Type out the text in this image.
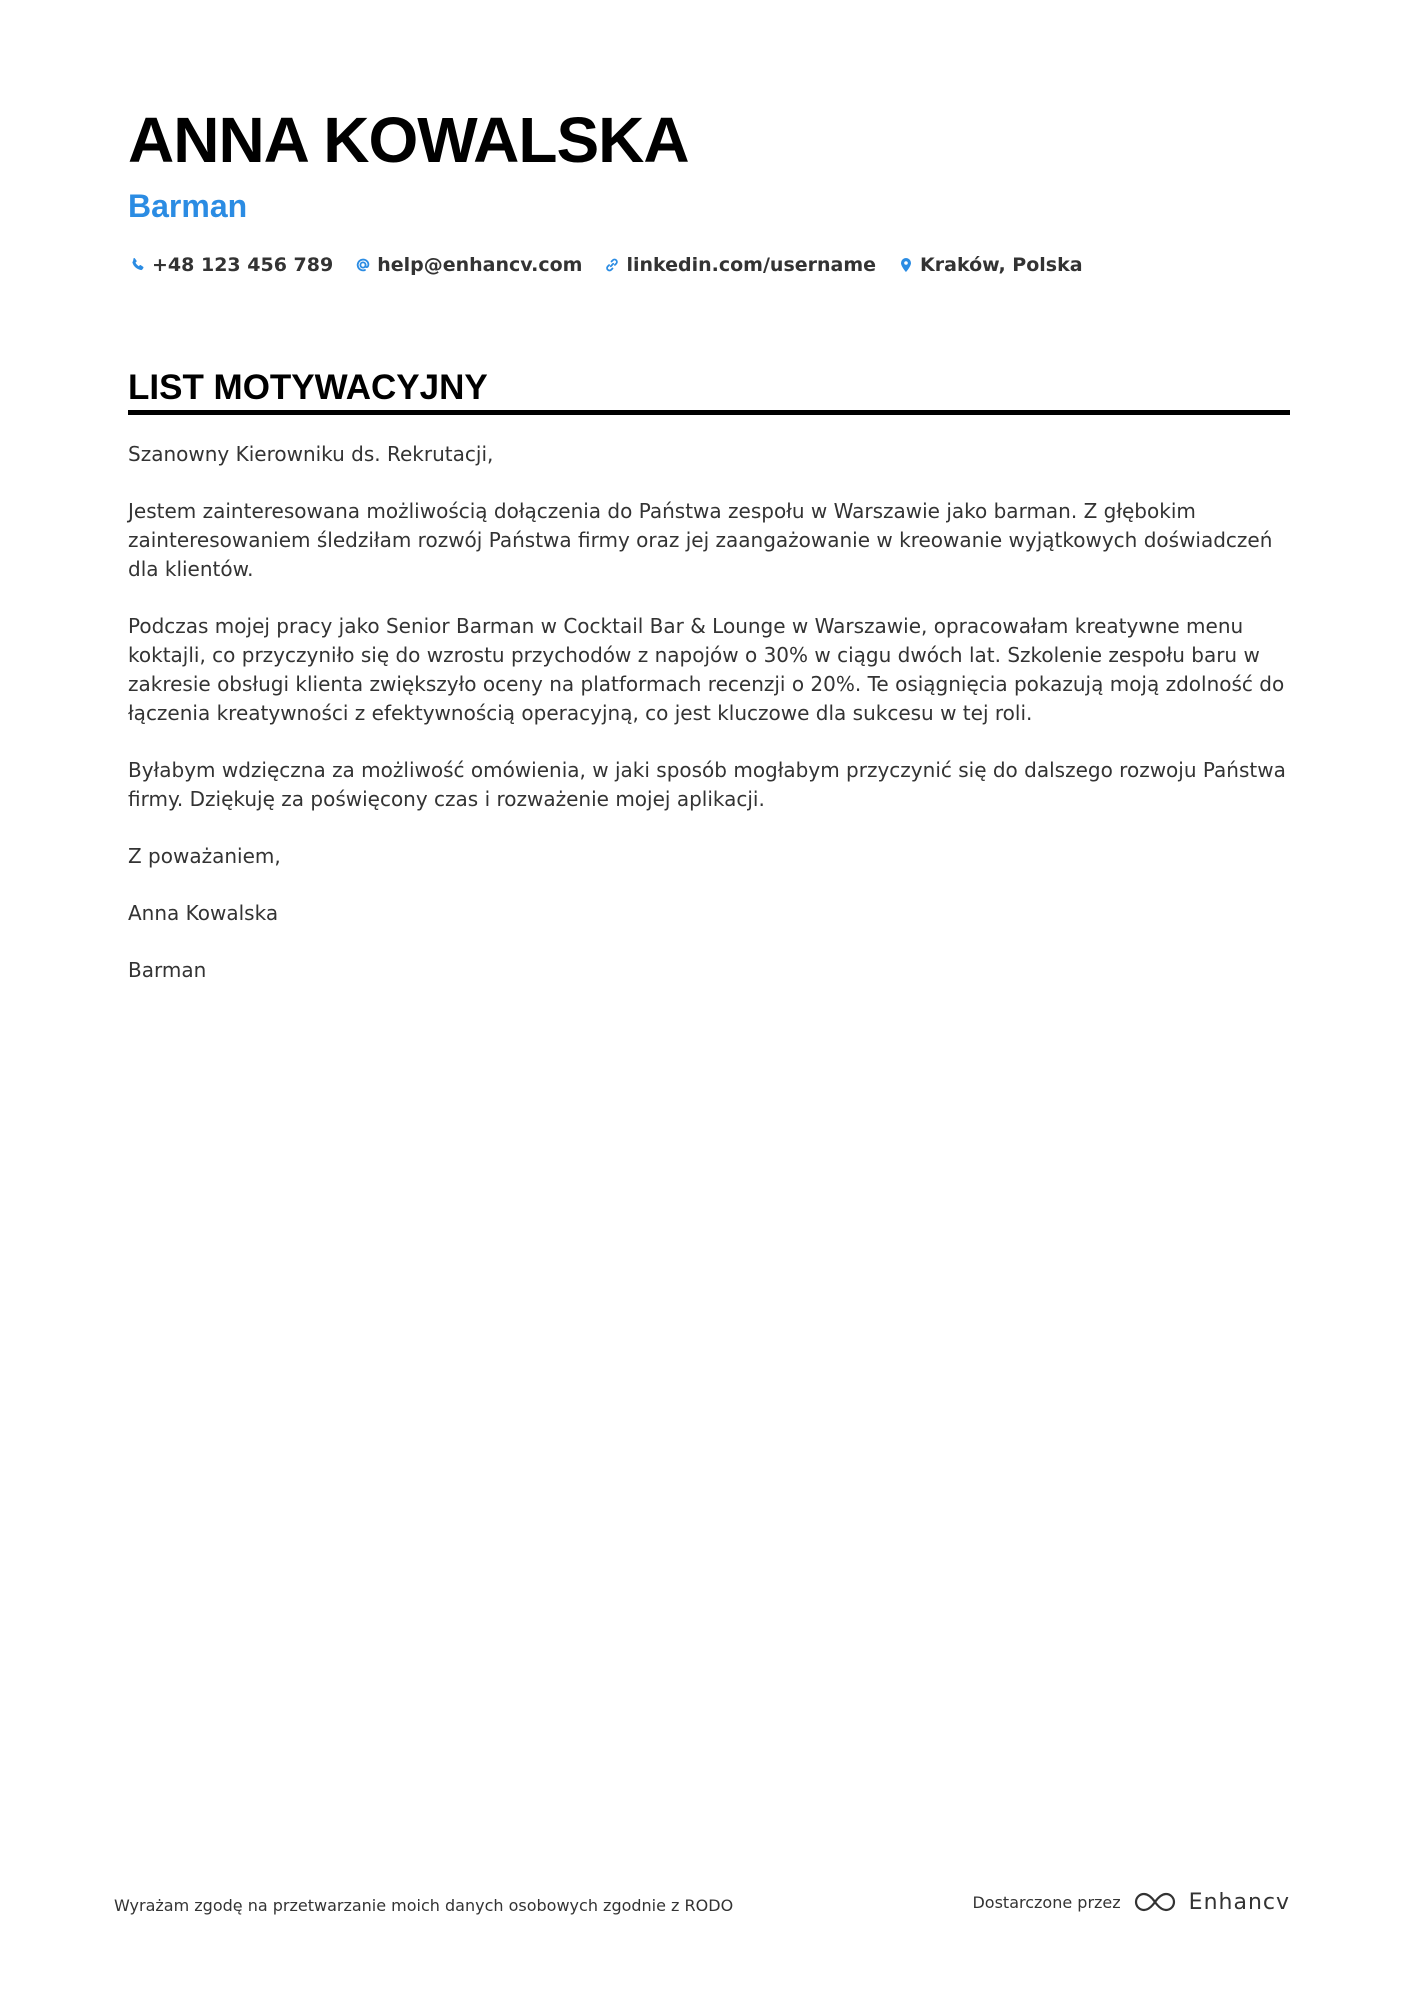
ANNA KOWALSKA
Barman
+48 123 456 789 help@enhancv.com linkedin.com/username Kraków, Polska
LIST MOTYWACYJNY

Szanowny Kierowniku ds. Rekrutacji,

Jestem zainteresowana możliwością dołączenia do Państwa zespołu w Warszawie jako barman. Z głębokim zainteresowaniem śledziłam rozwój Państwa firmy oraz jej zaangażowanie w kreowanie wyjątkowych doświadczeń dla klientów.

Podczas mojej pracy jako Senior Barman w Cocktail Bar & Lounge w Warszawie, opracowałam kreatywne menu koktajli, co przyczyniło się do wzrostu przychodów z napojów o 30% w ciągu dwóch lat. Szkolenie zespołu baru w zakresie obsługi klienta zwiększyło oceny na platformach recenzji o 20%. Te osiągnięcia pokazują moją zdolność do łączenia kreatywności z efektywnością operacyjną, co jest kluczowe dla sukcesu w tej roli.

Byłabym wdzięczna za możliwość omówienia, w jaki sposób mogłabym przyczynić się do dalszego rozwoju Państwa firmy. Dziękuję za poświęcony czas i rozważenie mojej aplikacji.

Z poważaniem,

Anna Kowalska

Barman

Wyrażam zgodę na przetwarzanie moich danych osobowych zgodnie z RODO	Dostarczone przez	Enhancv
